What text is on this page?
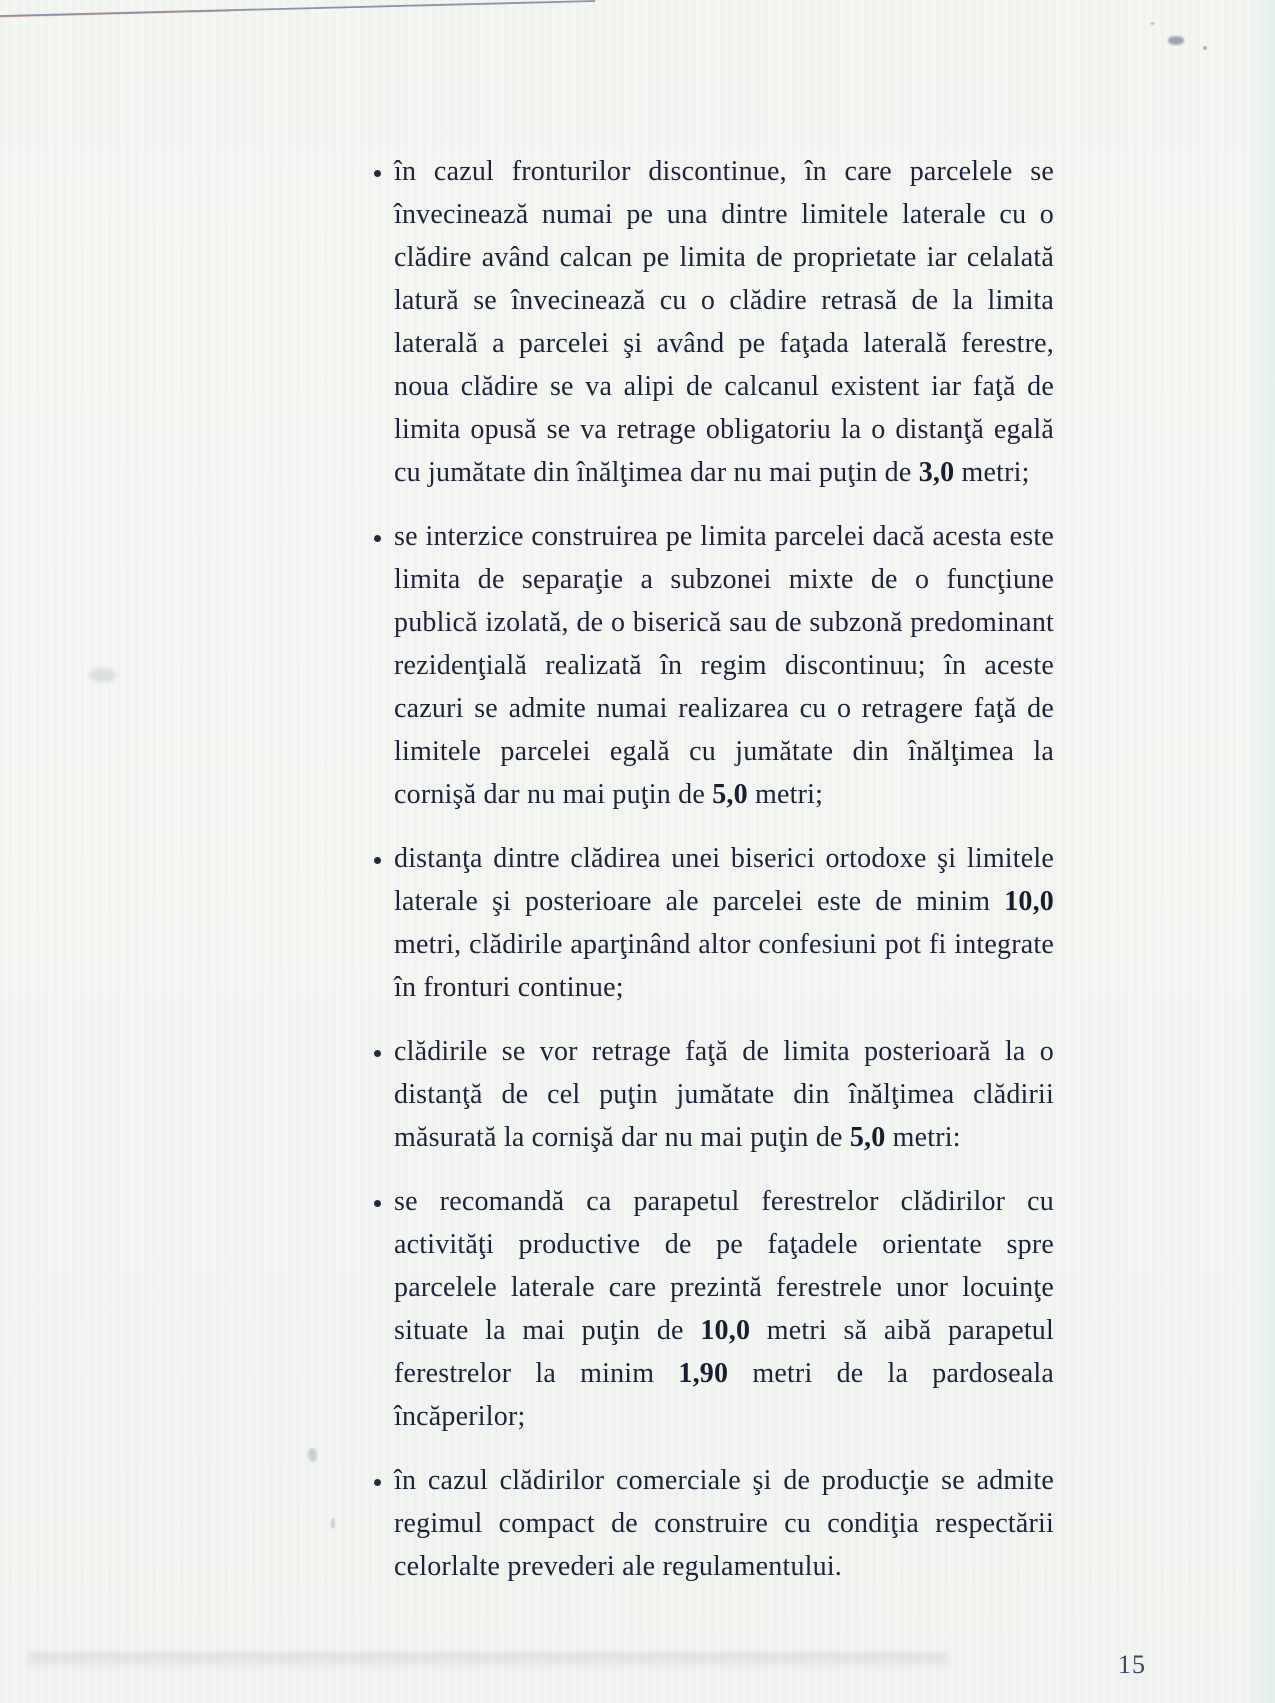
• în cazul fronturilor discontinue, în care parcelele se învecinează numai pe una dintre limitele laterale cu o clădire având calcan pe limita de proprietate iar celalată latură se învecinează cu o clădire retrasă de la limita laterală a parcelei şi având pe faţada laterală ferestre, noua clădire se va alipi de calcanul existent iar faţă de limita opusă se va retrage obligatoriu la o distanţă egală cu jumătate din înălţimea dar nu mai puţin de 3,0 metri;
• se interzice construirea pe limita parcelei dacă acesta este limita de separaţie a subzonei mixte de o funcţiune publică izolată, de o biserică sau de subzonă predominant rezidenţială realizată în regim discontinuu; în aceste cazuri se admite numai realizarea cu o retragere faţă de limitele parcelei egală cu jumătate din înălţimea la cornişă dar nu mai puţin de 5,0 metri;
• distanţa dintre clădirea unei biserici ortodoxe şi limitele laterale şi posterioare ale parcelei este de minim 10,0 metri, clădirile aparţinând altor confesiuni pot fi integrate în fronturi continue;
• clădirile se vor retrage faţă de limita posterioară la o distanţă de cel puţin jumătate din înălţimea clădirii măsurată la cornişă dar nu mai puţin de 5,0 metri:
• se recomandă ca parapetul ferestrelor clădirilor cu activităţi productive de pe faţadele orientate spre parcelele laterale care prezintă ferestrele unor locuinţe situate la mai puţin de 10,0 metri să aibă parapetul ferestrelor la minim 1,90 metri de la pardoseala încăperilor;
• în cazul clădirilor comerciale şi de producţie se admite regimul compact de construire cu condiţia respectării celorlalte prevederi ale regulamentului.
15
